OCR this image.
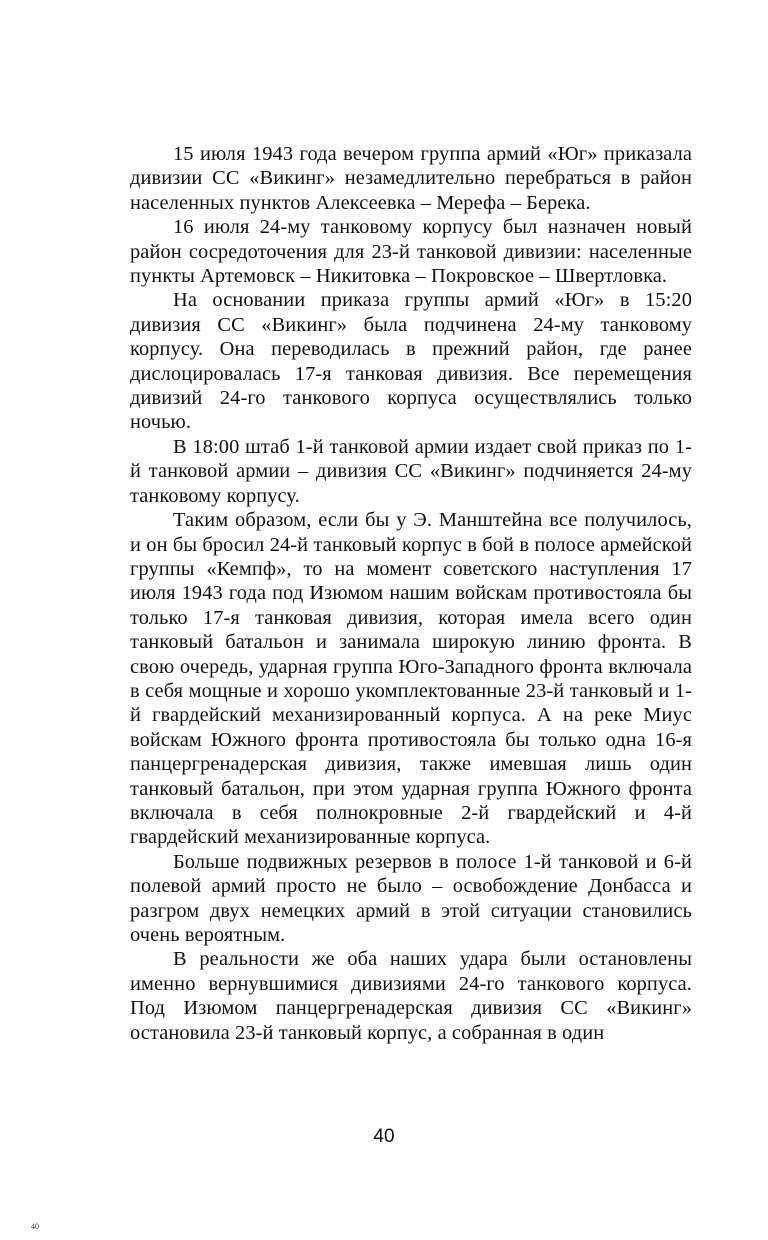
15 июля 1943 года вечером группа армий «Юг» приказала дивизии СС «Викинг» незамедлительно перебраться в район населенных пунктов Алексеевка – Мерефа – Берека.

16 июля 24-му танковому корпусу был назначен новый район сосредоточения для 23-й танковой дивизии: населенные пункты Артемовск – Никитовка – Покровское – Швертловка.

На основании приказа группы армий «Юг» в 15:20 дивизия СС «Викинг» была подчинена 24-му танковому корпусу. Она переводилась в прежний район, где ранее дислоцировалась 17-я танковая дивизия. Все перемещения дивизий 24-го танкового корпуса осуществлялись только ночью.

В 18:00 штаб 1-й танковой армии издает свой приказ по 1-й танковой армии – дивизия СС «Викинг» подчиняется 24-му танковому корпусу.

Таким образом, если бы у Э. Манштейна все получилось, и он бы бросил 24-й танковый корпус в бой в полосе армейской группы «Кемпф», то на момент советского наступления 17 июля 1943 года под Изюмом нашим войскам противостояла бы только 17-я танковая дивизия, которая имела всего один танковый батальон и занимала широкую линию фронта. В свою очередь, ударная группа Юго-Западного фронта включала в себя мощные и хорошо укомплектованные 23-й танковый и 1-й гвардейский механизированный корпуса. А на реке Миус войскам Южного фронта противостояла бы только одна 16-я панцергренадерская дивизия, также имевшая лишь один танковый батальон, при этом ударная группа Южного фронта включала в себя полнокровные 2-й гвардейский и 4-й гвардейский механизированные корпуса.

Больше подвижных резервов в полосе 1-й танковой и 6-й полевой армий просто не было – освобождение Донбасса и разгром двух немецких армий в этой ситуации становились очень вероятным.

В реальности же оба наших удара были остановлены именно вернувшимися дивизиями 24-го танкового корпуса. Под Изюмом панцергренадерская дивизия СС «Викинг» остановила 23-й танковый корпус, а собранная в один

40
40
